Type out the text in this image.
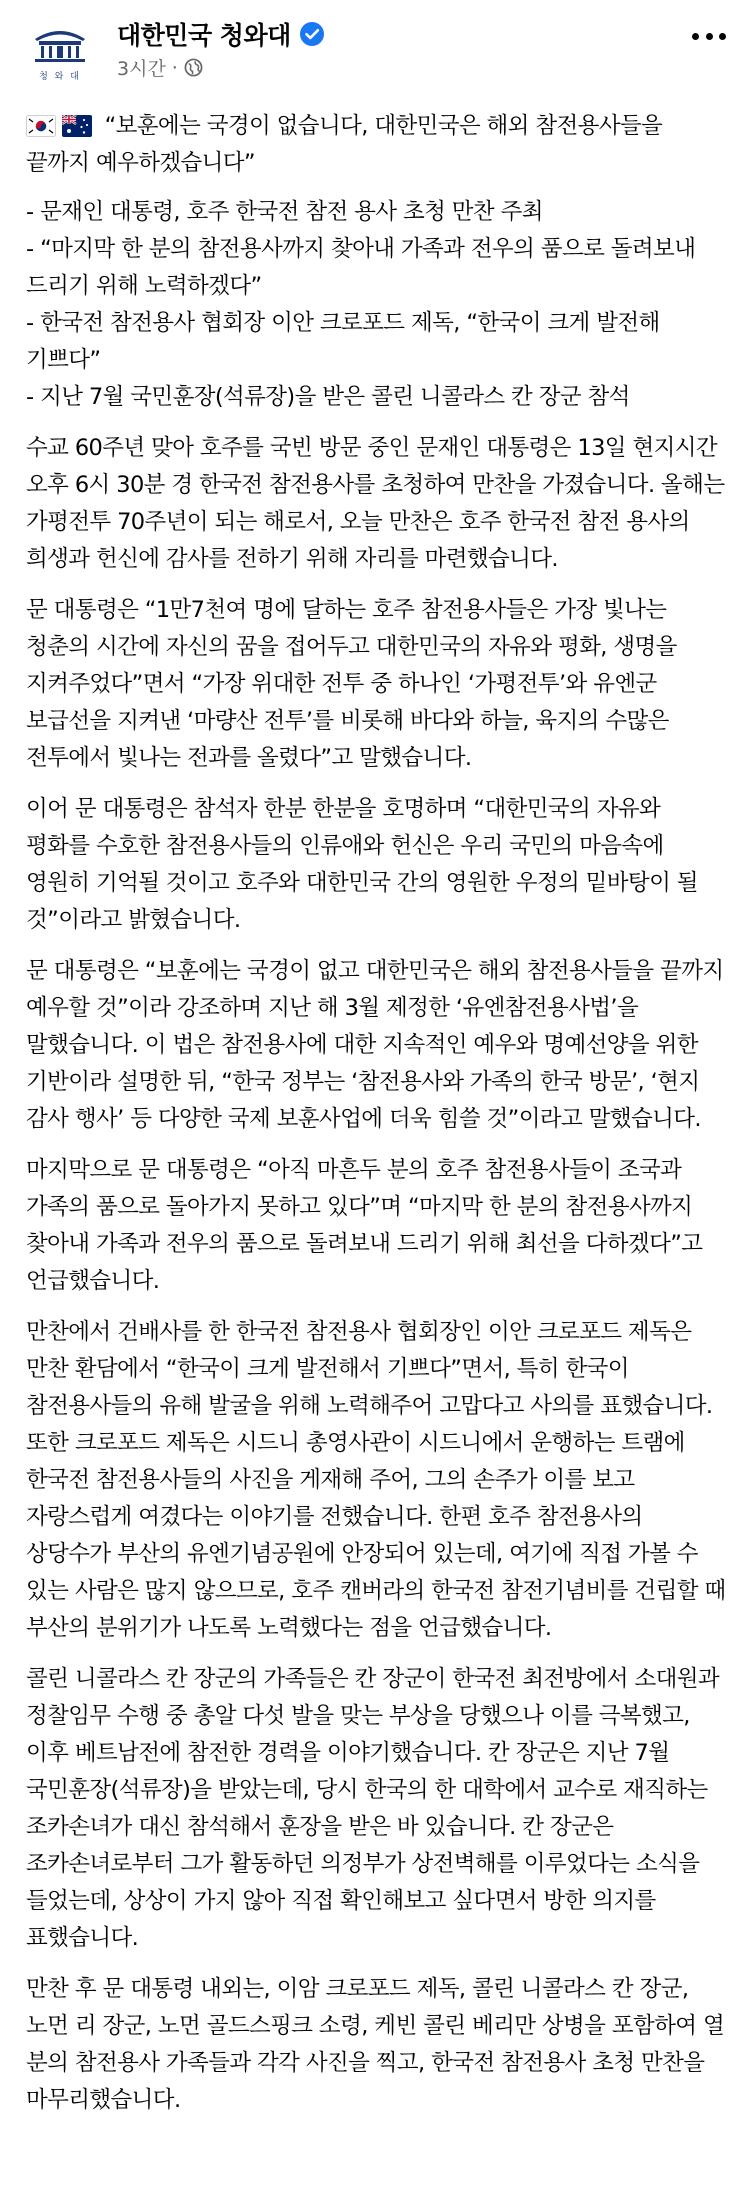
청 와 대
대한민국 청와대
3시간 ·

“보훈에는 국경이 없습니다, 대한민국은 해외 참전용사들을 끝까지 예우하겠습니다”

- 문재인 대통령, 호주 한국전 참전 용사 초청 만찬 주최
- “마지막 한 분의 참전용사까지 찾아내 가족과 전우의 품으로 돌려보내 드리기 위해 노력하겠다”
- 한국전 참전용사 협회장 이안 크로포드 제독, “한국이 크게 발전해 기쁘다”
- 지난 7월 국민훈장(석류장)을 받은 콜린 니콜라스 칸 장군 참석

수교 60주년 맞아 호주를 국빈 방문 중인 문재인 대통령은 13일 현지시간 오후 6시 30분 경 한국전 참전용사를 초청하여 만찬을 가졌습니다. 올해는 가평전투 70주년이 되는 해로서, 오늘 만찬은 호주 한국전 참전 용사의 희생과 헌신에 감사를 전하기 위해 자리를 마련했습니다.

문 대통령은 “1만7천여 명에 달하는 호주 참전용사들은 가장 빛나는 청춘의 시간에 자신의 꿈을 접어두고 대한민국의 자유와 평화, 생명을 지켜주었다”면서 “가장 위대한 전투 중 하나인 ‘가평전투’와 유엔군 보급선을 지켜낸 ‘마량산 전투’를 비롯해 바다와 하늘, 육지의 수많은 전투에서 빛나는 전과를 올렸다”고 말했습니다.

이어 문 대통령은 참석자 한분 한분을 호명하며 “대한민국의 자유와 평화를 수호한 참전용사들의 인류애와 헌신은 우리 국민의 마음속에 영원히 기억될 것이고 호주와 대한민국 간의 영원한 우정의 밑바탕이 될 것”이라고 밝혔습니다.

문 대통령은 “보훈에는 국경이 없고 대한민국은 해외 참전용사들을 끝까지 예우할 것”이라 강조하며 지난 해 3월 제정한 ‘유엔참전용사법’을 말했습니다. 이 법은 참전용사에 대한 지속적인 예우와 명예선양을 위한 기반이라 설명한 뒤, “한국 정부는 ‘참전용사와 가족의 한국 방문’, ‘현지 감사 행사’ 등 다양한 국제 보훈사업에 더욱 힘쓸 것”이라고 말했습니다.

마지막으로 문 대통령은 “아직 마흔두 분의 호주 참전용사들이 조국과 가족의 품으로 돌아가지 못하고 있다”며 “마지막 한 분의 참전용사까지 찾아내 가족과 전우의 품으로 돌려보내 드리기 위해 최선을 다하겠다”고 언급했습니다.

만찬에서 건배사를 한 한국전 참전용사 협회장인 이안 크로포드 제독은 만찬 환담에서 “한국이 크게 발전해서 기쁘다”면서, 특히 한국이 참전용사들의 유해 발굴을 위해 노력해주어 고맙다고 사의를 표했습니다. 또한 크로포드 제독은 시드니 총영사관이 시드니에서 운행하는 트램에 한국전 참전용사들의 사진을 게재해 주어, 그의 손주가 이를 보고 자랑스럽게 여겼다는 이야기를 전했습니다. 한편 호주 참전용사의 상당수가 부산의 유엔기념공원에 안장되어 있는데, 여기에 직접 가볼 수 있는 사람은 많지 않으므로, 호주 캔버라의 한국전 참전기념비를 건립할 때 부산의 분위기가 나도록 노력했다는 점을 언급했습니다.

콜린 니콜라스 칸 장군의 가족들은 칸 장군이 한국전 최전방에서 소대원과 정찰임무 수행 중 총알 다섯 발을 맞는 부상을 당했으나 이를 극복했고, 이후 베트남전에 참전한 경력을 이야기했습니다. 칸 장군은 지난 7월 국민훈장(석류장)을 받았는데, 당시 한국의 한 대학에서 교수로 재직하는 조카손녀가 대신 참석해서 훈장을 받은 바 있습니다. 칸 장군은 조카손녀로부터 그가 활동하던 의정부가 상전벽해를 이루었다는 소식을 들었는데, 상상이 가지 않아 직접 확인해보고 싶다면서 방한 의지를 표했습니다.

만찬 후 문 대통령 내외는, 이암 크로포드 제독, 콜린 니콜라스 칸 장군, 노먼 리 장군, 노먼 골드스핑크 소령, 케빈 콜린 베리만 상병을 포함하여 열 분의 참전용사 가족들과 각각 사진을 찍고, 한국전 참전용사 초청 만찬을 마무리했습니다.
